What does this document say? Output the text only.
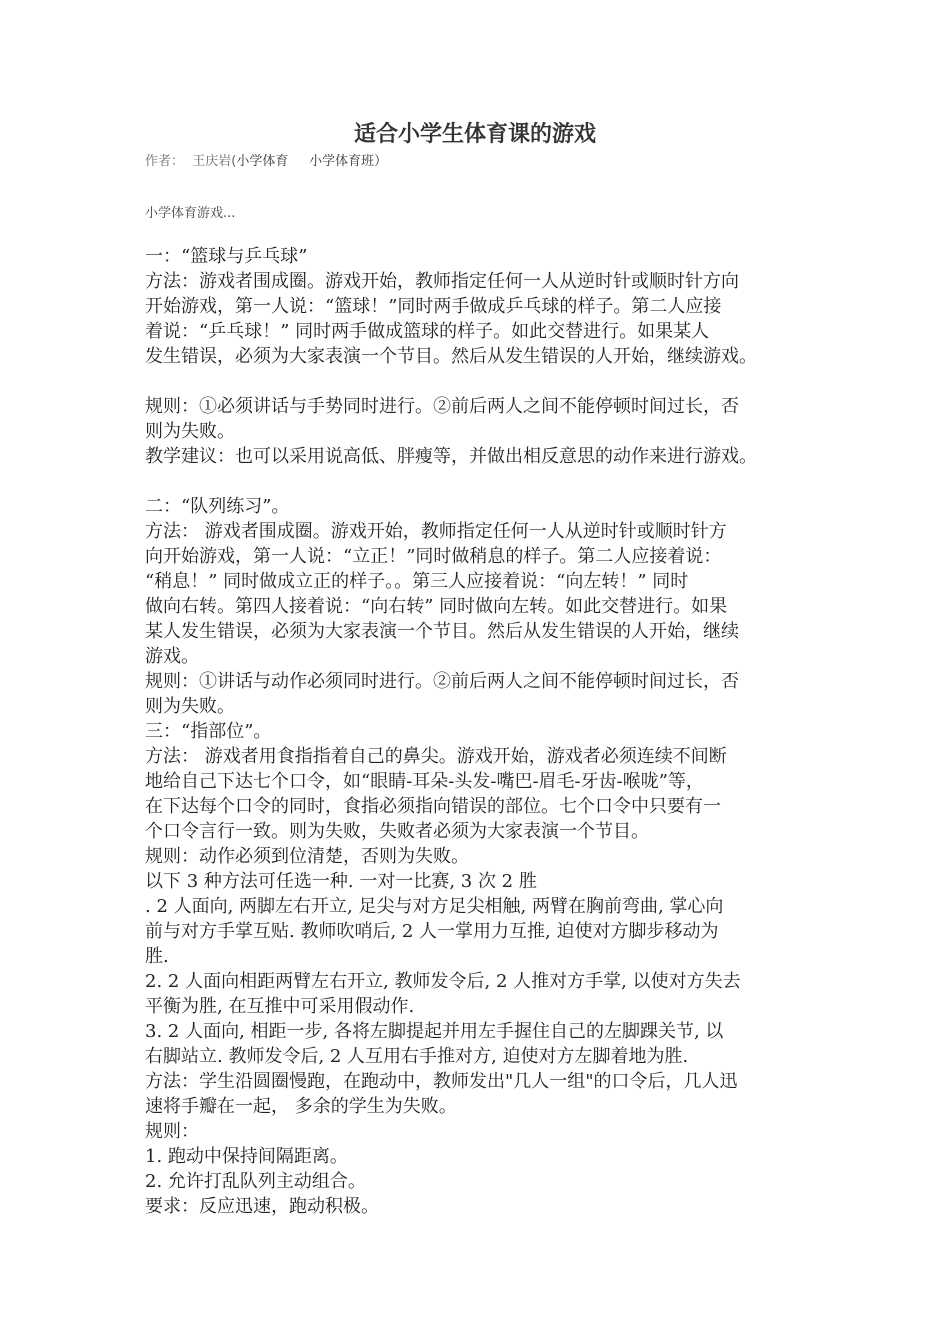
适合小学生体育课的游戏
作者： 王庆岩(小学体育 小学体育班）
小学体育游戏...
一：“篮球与乒乓球”
方法：游戏者围成圈。游戏开始，教师指定任何一人从逆时针或顺时针方向
开始游戏，第一人说：“篮球！”同时两手做成乒乓球的样子。第二人应接
着说：“乒乓球！” 同时两手做成篮球的样子。如此交替进行。如果某人
发生错误，必须为大家表演一个节目。然后从发生错误的人开始，继续游戏。
规则：①必须讲话与手势同时进行。②前后两人之间不能停顿时间过长，否
则为失败。
教学建议：也可以采用说高低、胖瘦等，并做出相反意思的动作来进行游戏。
二：“队列练习”。
方法： 游戏者围成圈。游戏开始，教师指定任何一人从逆时针或顺时针方
向开始游戏，第一人说：“立正！”同时做稍息的样子。第二人应接着说：
“稍息！” 同时做成立正的样子。。第三人应接着说：“向左转！” 同时
做向右转。第四人接着说：“向右转” 同时做向左转。如此交替进行。如果
某人发生错误，必须为大家表演一个节目。然后从发生错误的人开始，继续
游戏。
规则：①讲话与动作必须同时进行。②前后两人之间不能停顿时间过长，否
则为失败。
三：“指部位”。
方法： 游戏者用食指指着自己的鼻尖。游戏开始，游戏者必须连续不间断
地给自己下达七个口令，如“眼睛-耳朵-头发-嘴巴-眉毛-牙齿-喉咙”等，
在下达每个口令的同时，食指必须指向错误的部位。七个口令中只要有一
个口令言行一致。则为失败，失败者必须为大家表演一个节目。
规则：动作必须到位清楚，否则为失败。
以下 3 种方法可任选一种. 一对一比赛, 3 次 2 胜
. 2 人面向, 两脚左右开立, 足尖与对方足尖相触, 两臂在胸前弯曲, 掌心向
前与对方手掌互贴. 教师吹哨后, 2 人一掌用力互推, 迫使对方脚步移动为
胜.
2. 2 人面向相距两臂左右开立, 教师发令后, 2 人推对方手掌, 以使对方失去
平衡为胜, 在互推中可采用假动作.
3. 2 人面向, 相距一步, 各将左脚提起并用左手握住自己的左脚踝关节, 以
右脚站立. 教师发令后, 2 人互用右手推对方, 迫使对方左脚着地为胜.
方法：学生沿圆圈慢跑，在跑动中，教师发出"几人一组"的口令后，几人迅
速将手瓣在一起， 多余的学生为失败。
规则：
1. 跑动中保持间隔距离。
2. 允许打乱队列主动组合。
要求：反应迅速，跑动积极。
